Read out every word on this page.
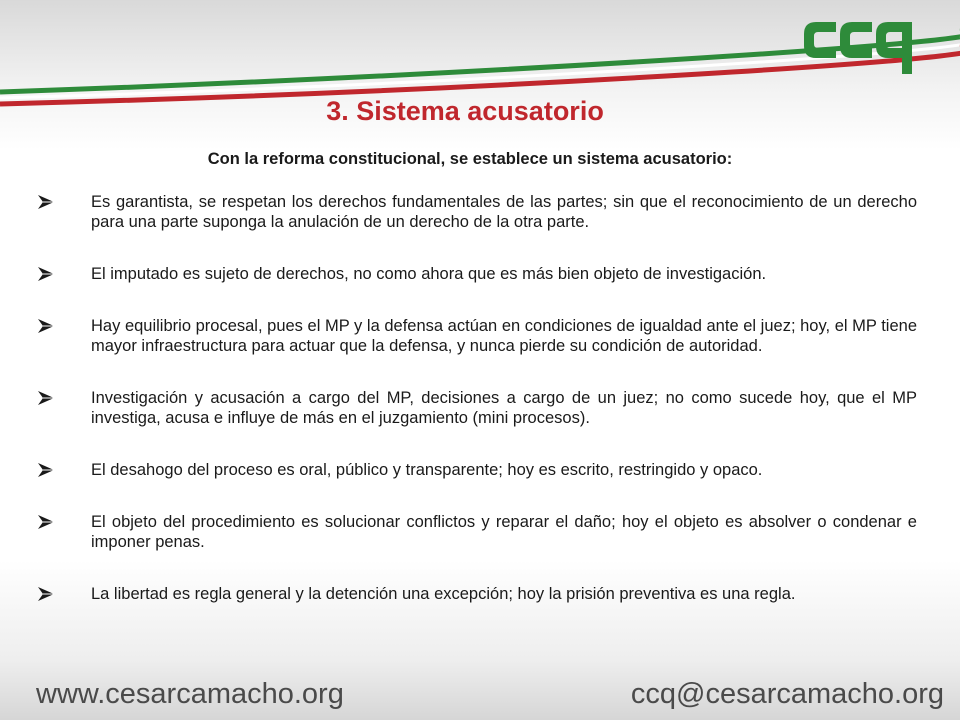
3. Sistema acusatorio
Con la reforma constitucional, se establece un sistema acusatorio:
Es garantista, se respetan los derechos fundamentales de las partes; sin que el reconocimiento de un derecho para una parte suponga la anulación de un derecho de la otra parte.
El imputado es sujeto de derechos, no como ahora que es más bien objeto de investigación.
Hay equilibrio procesal, pues el MP y la defensa actúan en condiciones de igualdad ante el juez; hoy, el MP tiene mayor infraestructura para actuar que la defensa, y nunca pierde su condición de autoridad.
Investigación y acusación a cargo del MP, decisiones a cargo de un juez; no como sucede hoy, que el MP investiga, acusa e influye de más en el juzgamiento (mini procesos).
El desahogo del proceso es oral, público y transparente; hoy es escrito, restringido y opaco.
El objeto del procedimiento es solucionar conflictos y reparar el daño; hoy el objeto es absolver o condenar e imponer penas.
La libertad es regla general y la detención una excepción; hoy la prisión preventiva es una regla.
www.cesarcamacho.org	ccq@cesarcamacho.org
